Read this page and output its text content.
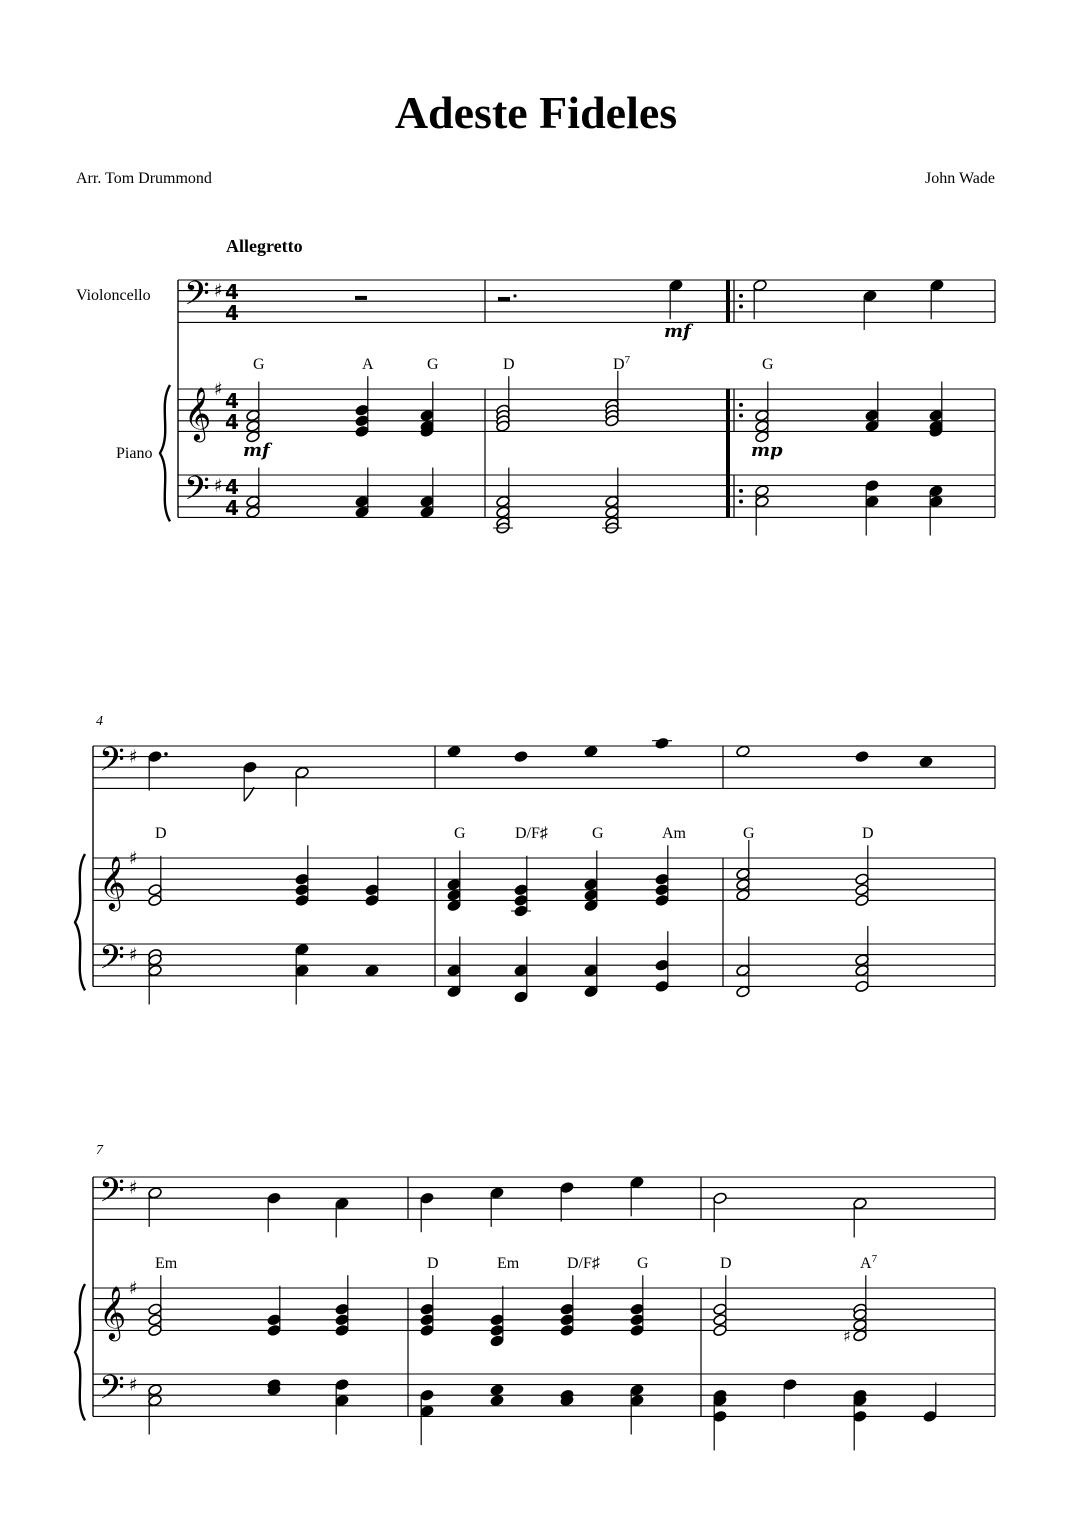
Adeste Fideles
Arr. Tom Drummond	John Wade
Allegretto
Violoncello
Piano
4
7
𝄢
𝄞
𝄢
♯
♯
♯
4
4
4
4
4
4
𝄢
𝄞
𝄢
♯
♯
♯
𝄢
𝄞
𝄢
♯
♯
♯
♯
G	A	G	D	$D^7$	G
D	G	D/F♯	G	Am	G	D
Em	D	Em	D/F♯ G	D	$A^7$
mf
mf	mp
